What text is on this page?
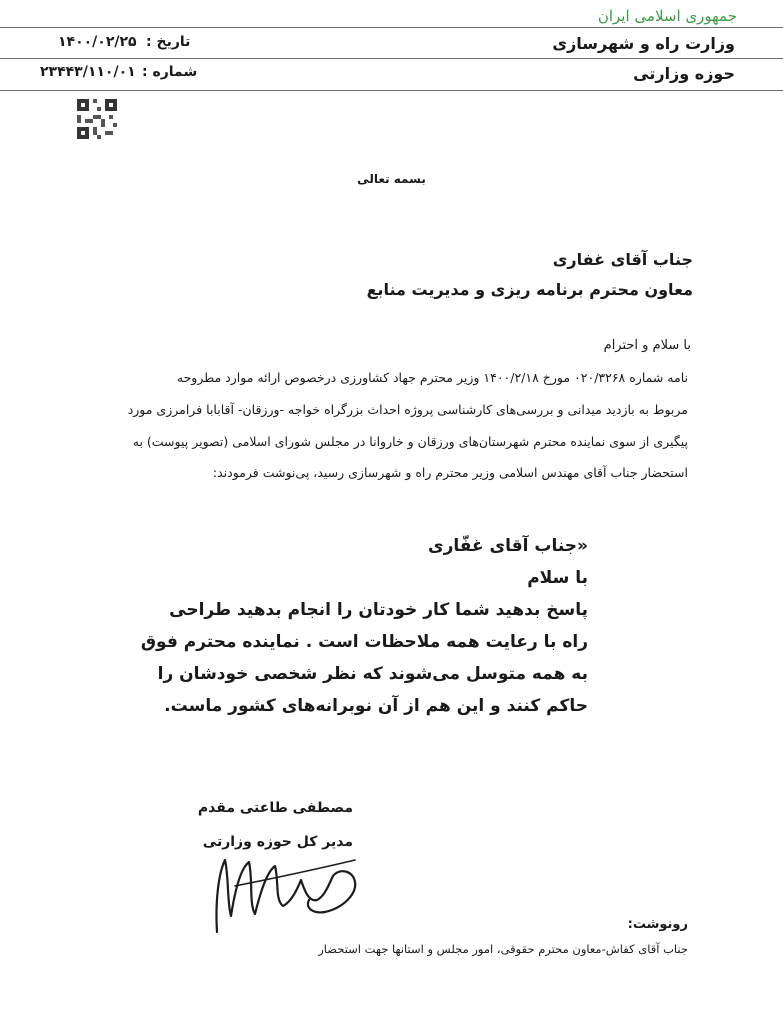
جمهوری اسلامی ایران
وزارت راه و شهرسازی
تاریخ :
۱۴۰۰/۰۲/۲۵
حوزه وزارتی
شماره :
۲۳۴۴۳/۱۱۰/۰۱
بسمه تعالی
جناب آقای غفاری
معاون محترم برنامه ریزی و مدیریت منابع
با سلام و احترام
نامه شماره ۰۲۰/۳۲۶۸ مورخ ۱۴۰۰/۲/۱۸ وزیر محترم جهاد کشاورزی درخصوص ارائه موارد مطروحه
مربوط به بازدید میدانی و بررسی‌های کارشناسی پروژه احداث بزرگراه خواجه -ورزقان- آقابابا فرامرزی مورد
پیگیری از سوی نماینده محترم شهرستان‌های ورزقان و خاروانا در مجلس شورای اسلامی (تصویر پیوست) به
استحضار جناب آقای مهندس اسلامی وزیر محترم راه و شهرسازی رسید، پی‌نوشت فرمودند:
«جناب آقای غفّاری
با سلام
پاسخ بدهید شما کار خودتان را انجام بدهید طراحی
راه با رعایت همه ملاحظات است . نماینده محترم فوق
به همه متوسل می‌شوند که نظر شخصی خودشان را
حاکم کنند و این هم از آن نوبرانه‌های کشور ماست.
مصطفی طاعتی مقدم
مدیر کل حوزه وزارتی
رونوشت:
جناب آقای کفاش-معاون محترم حقوقی، امور مجلس و استانها جهت استحضار
